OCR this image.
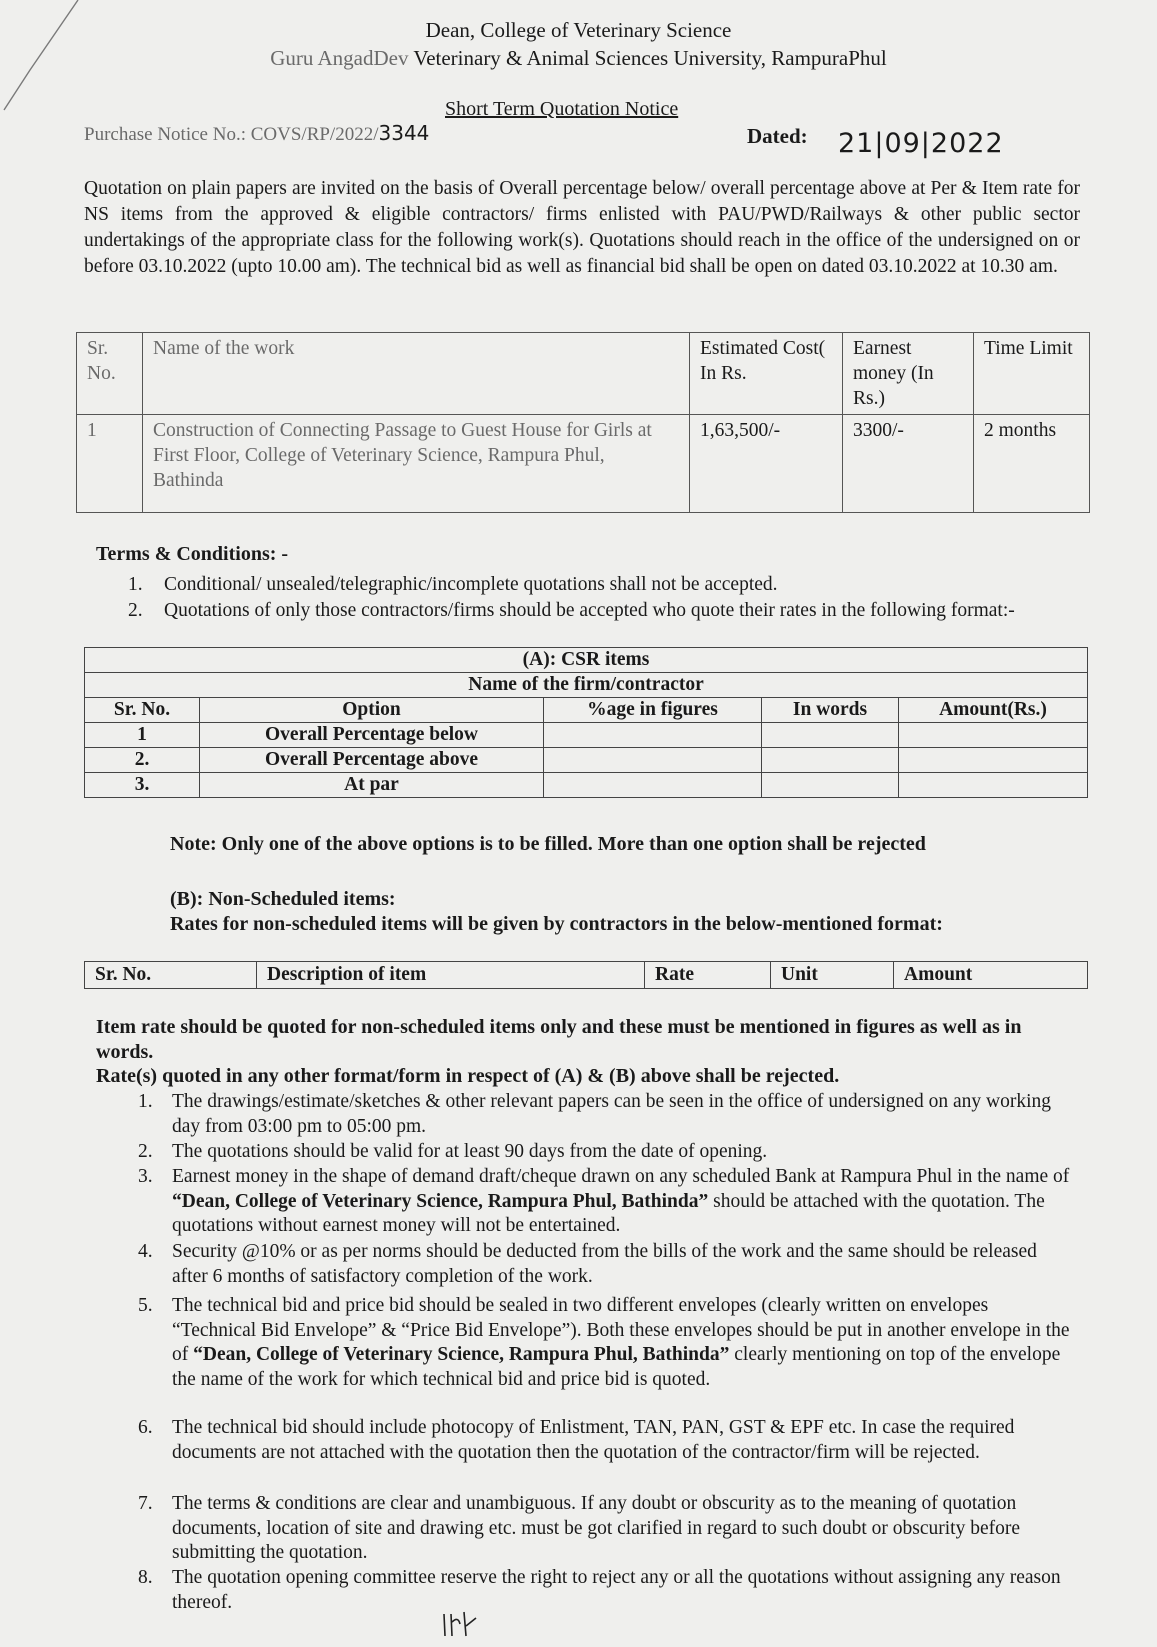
Dean, College of Veterinary Science
Guru AngadDev Veterinary & Animal Sciences University, RampuraPhul
Short Term Quotation Notice
Purchase Notice No.: COVS/RP/2022/3344	Dated: 21|09|2022
Quotation on plain papers are invited on the basis of Overall percentage below/ overall percentage above at Per & Item rate for NS items from the approved & eligible contractors/ firms enlisted with PAU/PWD/Railways & other public sector undertakings of the appropriate class for the following work(s). Quotations should reach in the office of the undersigned on or before 03.10.2022 (upto 10.00 am). The technical bid as well as financial bid shall be open on dated 03.10.2022 at 10.30 am.
Sr. No.	Name of the work	Estimated Cost( In Rs.	Earnest money (In Rs.)	Time Limit
1	Construction of Connecting Passage to Guest House for Girls at First Floor, College of Veterinary Science, Rampura Phul, Bathinda	1,63,500/-	3300/-	2 months
Terms & Conditions: -
1. Conditional/ unsealed/telegraphic/incomplete quotations shall not be accepted.
2. Quotations of only those contractors/firms should be accepted who quote their rates in the following format:-
(A): CSR items				
Name of the firm/contractor				
Sr. No.	Option	%age in figures	In words	Amount(Rs.)
1	Overall Percentage below			
2.	Overall Percentage above			
3.	At par			
Note: Only one of the above options is to be filled. More than one option shall be rejected
(B): Non-Scheduled items:
Rates for non-scheduled items will be given by contractors in the below-mentioned format:
Sr. No.	Description of item	Rate	Unit	Amount
Item rate should be quoted for non-scheduled items only and these must be mentioned in figures as well as in words.
Rate(s) quoted in any other format/form in respect of (A) & (B) above shall be rejected.
1. The drawings/estimate/sketches & other relevant papers can be seen in the office of undersigned on any working day from 03:00 pm to 05:00 pm.
2. The quotations should be valid for at least 90 days from the date of opening.
3. Earnest money in the shape of demand draft/cheque drawn on any scheduled Bank at Rampura Phul in the name of “Dean, College of Veterinary Science, Rampura Phul, Bathinda” should be attached with the quotation. The quotations without earnest money will not be entertained.
4. Security @10% or as per norms should be deducted from the bills of the work and the same should be released after 6 months of satisfactory completion of the work.
5. The technical bid and price bid should be sealed in two different envelopes (clearly written on envelopes “Technical Bid Envelope” & “Price Bid Envelope”). Both these envelopes should be put in another envelope in the of “Dean, College of Veterinary Science, Rampura Phul, Bathinda” clearly mentioning on top of the envelope the name of the work for which technical bid and price bid is quoted.
6. The technical bid should include photocopy of Enlistment, TAN, PAN, GST & EPF etc. In case the required documents are not attached with the quotation then the quotation of the contractor/firm will be rejected.
7. The terms & conditions are clear and unambiguous. If any doubt or obscurity as to the meaning of quotation documents, location of site and drawing etc. must be got clarified in regard to such doubt or obscurity before submitting the quotation.
8. The quotation opening committee reserve the right to reject any or all the quotations without assigning any reason thereof.
